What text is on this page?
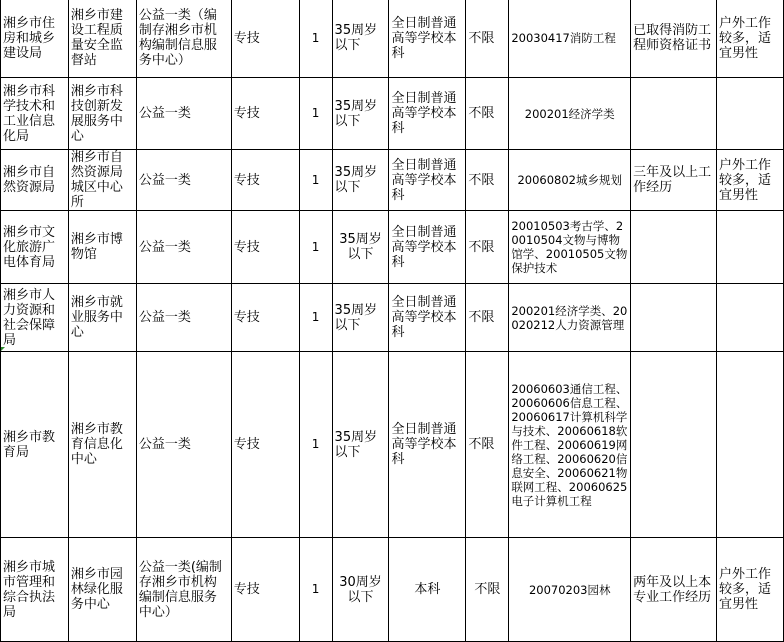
湘乡市住房和城乡建设局	湘乡市建设工程质量安全监督站	公益一类（编制存湘乡市机构编制信息服务中心）	专技	1	35周岁以下	全日制普通高等学校本科	不限	20030417消防工程	已取得消防工程师资格证书	户外工作较多，适宜男性
湘乡市科学技术和工业信息化局	湘乡市科技创新发展服务中心	公益一类	专技	1	35周岁以下	全日制普通高等学校本科	不限	200201经济学类		
湘乡市自然资源局	湘乡市自然资源局城区中心所	公益一类	专技	1	35周岁以下	全日制普通高等学校本科	不限	20060802城乡规划	三年及以上工作经历	户外工作较多，适宜男性
湘乡市文化旅游广电体育局	湘乡市博物馆	公益一类	专技	1	35周岁以下	全日制普通高等学校本科	不限	20010503考古学、20010504文物与博物馆学、20010505文物保护技术		
湘乡市人力资源和社会保障局	湘乡市就业服务中心	公益一类	专技	1	35周岁以下	全日制普通高等学校本科	不限	200201经济学类、20020212人力资源管理		
湘乡市教育局	湘乡市教育信息化中心	公益一类	专技	1	35周岁以下	全日制普通高等学校本科	不限	20060603通信工程、20060606信息工程、20060617计算机科学与技术、20060618软件工程、20060619网络工程、20060620信息安全、20060621物联网工程、20060625电子计算机工程		
湘乡市城市管理和综合执法局	湘乡市园林绿化服务中心	公益一类(编制存湘乡市机构编制信息服务中心）	专技	1	30周岁以下	本科	不限	20070203园林	两年及以上本专业工作经历	户外工作较多，适宜男性
